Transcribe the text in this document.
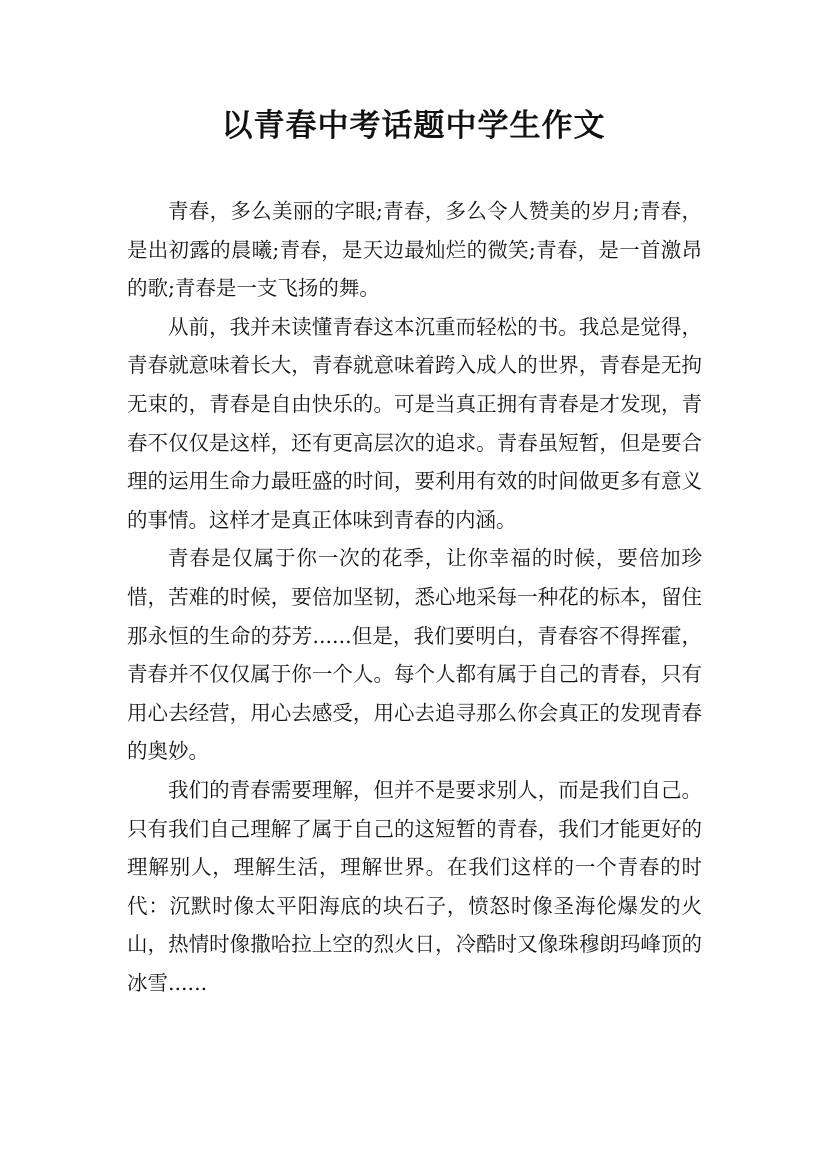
以青春中考话题中学生作文

青春，多么美丽的字眼;青春，多么令人赞美的岁月;青春，是出初露的晨曦;青春，是天边最灿烂的微笑;青春，是一首激昂的歌;青春是一支飞扬的舞。

从前，我并未读懂青春这本沉重而轻松的书。我总是觉得，青春就意味着长大，青春就意味着跨入成人的世界，青春是无拘无束的，青春是自由快乐的。可是当真正拥有青春是才发现，青春不仅仅是这样，还有更高层次的追求。青春虽短暂，但是要合理的运用生命力最旺盛的时间，要利用有效的时间做更多有意义的事情。这样才是真正体味到青春的内涵。

青春是仅属于你一次的花季，让你幸福的时候，要倍加珍惜，苦难的时候，要倍加坚韧，悉心地采每一种花的标本，留住那永恒的生命的芬芳......但是，我们要明白，青春容不得挥霍，青春并不仅仅属于你一个人。每个人都有属于自己的青春，只有用心去经营，用心去感受，用心去追寻那么你会真正的发现青春的奥妙。

我们的青春需要理解，但并不是要求别人，而是我们自己。只有我们自己理解了属于自己的这短暂的青春，我们才能更好的理解别人，理解生活，理解世界。在我们这样的一个青春的时代：沉默时像太平阳海底的块石子，愤怒时像圣海伦爆发的火山，热情时像撒哈拉上空的烈火日，冷酷时又像珠穆朗玛峰顶的冰雪......
